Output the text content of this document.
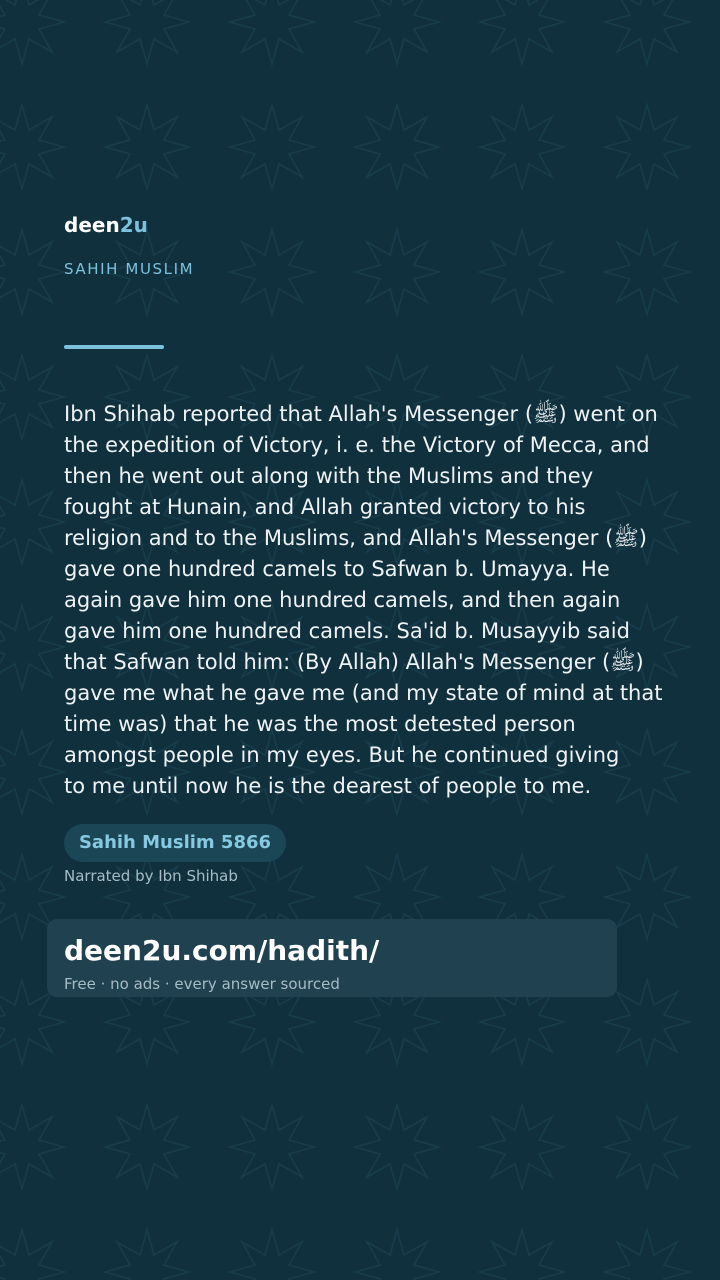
deen2u
SAHIH MUSLIM

Ibn Shihab reported that Allah's Messenger (ﷺ) went on
the expedition of Victory, i. e. the Victory of Mecca, and
then he went out along with the Muslims and they
fought at Hunain, and Allah granted victory to his
religion and to the Muslims, and Allah's Messenger (ﷺ)
gave one hundred camels to Safwan b. Umayya. He
again gave him one hundred camels, and then again
gave him one hundred camels. Sa'id b. Musayyib said
that Safwan told him: (By Allah) Allah's Messenger (ﷺ)
gave me what he gave me (and my state of mind at that
time was) that he was the most detested person
amongst people in my eyes. But he continued giving
to me until now he is the dearest of people to me.

Sahih Muslim 5866
Narrated by Ibn Shihab
deen2u.com/hadith/
Free · no ads · every answer sourced
